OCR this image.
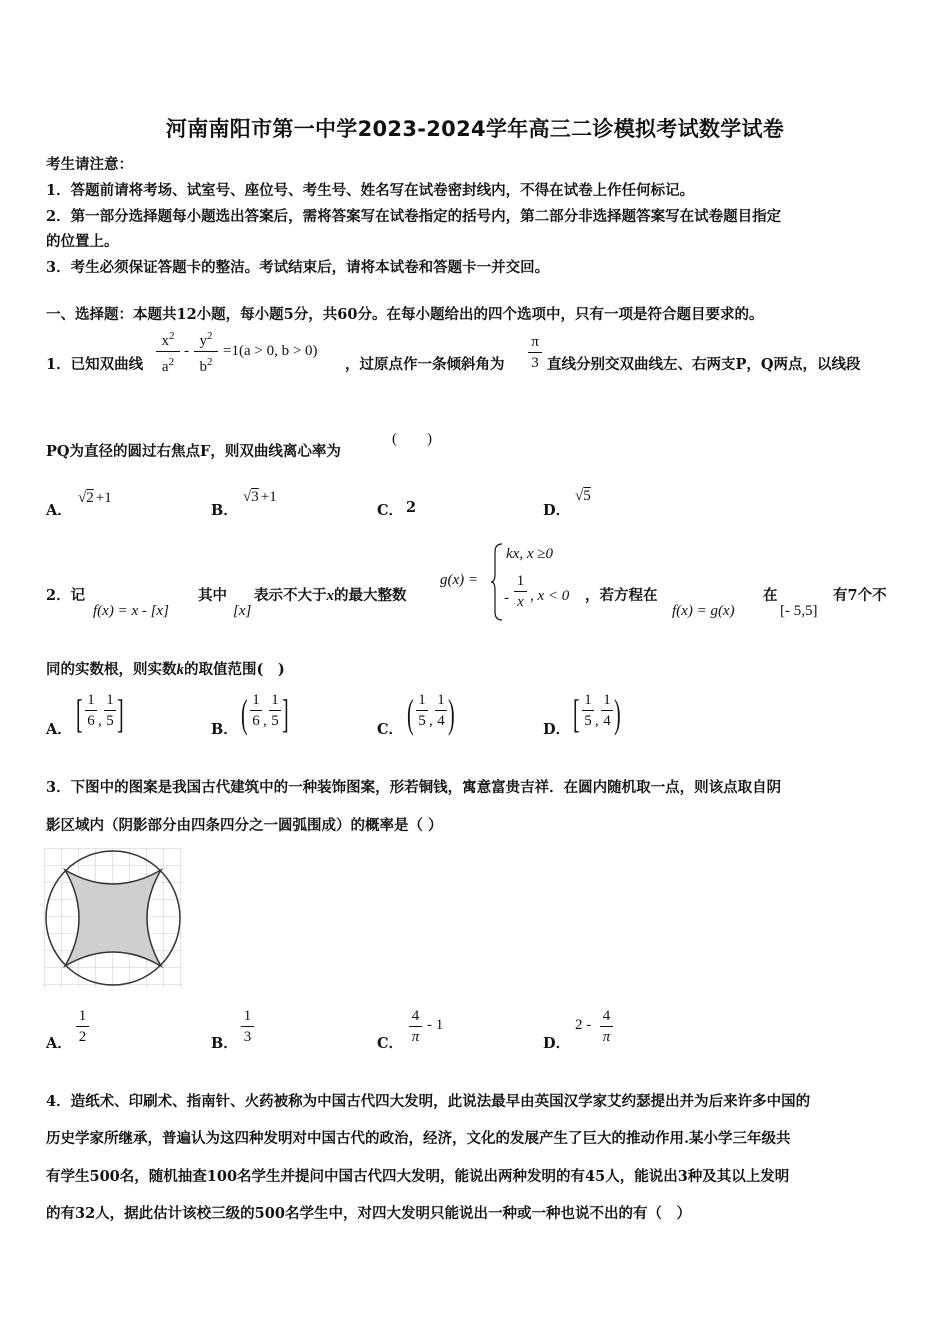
河南南阳市第一中学2023-2024学年高三二诊模拟考试数学试卷
考生请注意：
1．答题前请将考场、试室号、座位号、考生号、姓名写在试卷密封线内，不得在试卷上作任何标记。
2．第一部分选择题每小题选出答案后，需将答案写在试卷指定的括号内，第二部分非选择题答案写在试卷题目指定
的位置上。
3．考生必须保证答题卡的整洁。考试结束后，请将本试卷和答题卡一并交回。
一、选择题：本题共12小题，每小题5分，共60分。在每小题给出的四个选项中，只有一项是符合题目要求的。
1．已知双曲线
$x^2$
$a^2$
-
$y^2$
$b^2$
=1(a > 0, b > 0)
，过原点作一条倾斜角为
π
3 直线分别交双曲线左、右两支P，Q两点，以线段
PQ为直径的圆过右焦点F，则双曲线离心率为
(　　)
A．
√2 +1
B．
√3 +1
C． 2	D．
√5
2．记
f(x) = x - [x]
其中
[x]
表示不大于x的最大整数
g(x) =
kx, x ≥0
-
1
x , x < 0 ，若方程在
f(x) = g(x)
在
[- 5,5]
有7个不
同的实数根，则实数k的取值范围(　)
A． [ 1
6 ,
1
5 ]	B． ( 1
6 ,
1
5 ]	C． ( 1
5 ,
1
4 )	D． [ 1
5 ,
1
4 )
3．下图中的图案是我国古代建筑中的一种装饰图案，形若铜钱，寓意富贵吉祥．在圆内随机取一点，则该点取自阴
影区域内（阴影部分由四条四分之一圆弧围成）的概率是（ ）
A．
1
2	B．
1
3	C．
4
π
- 1
D．
2 -
4
π
4．造纸术、印刷术、指南针、火药被称为中国古代四大发明，此说法最早由英国汉学家艾约瑟提出并为后来许多中国的
历史学家所继承，普遍认为这四种发明对中国古代的政治，经济，文化的发展产生了巨大的推动作用.某小学三年级共
有学生500名，随机抽查100名学生并提问中国古代四大发明，能说出两种发明的有45人，能说出3种及其以上发明
的有32人，据此估计该校三级的500名学生中，对四大发明只能说出一种或一种也说不出的有（　）
